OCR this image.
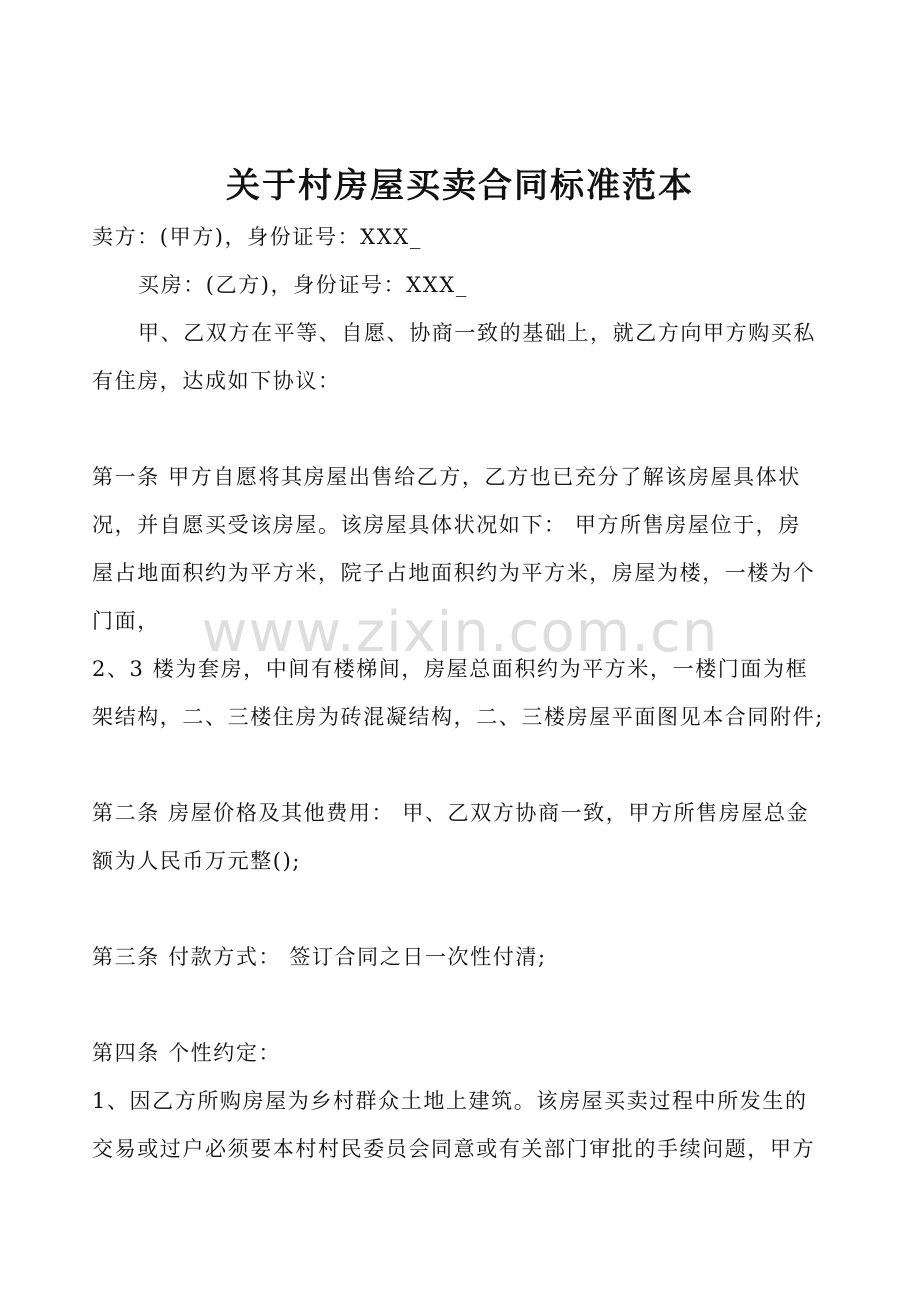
www.zixin.com.cn
关于村房屋买卖合同标准范本
卖方：(甲方)，身份证号：XXX_
买房：(乙方)，身份证号：XXX_
甲、乙双方在平等、自愿、协商一致的基础上，就乙方向甲方购买私
有住房，达成如下协议：
第一条 甲方自愿将其房屋出售给乙方，乙方也已充分了解该房屋具体状
况，并自愿买受该房屋。该房屋具体状况如下： 甲方所售房屋位于，房
屋占地面积约为平方米，院子占地面积约为平方米，房屋为楼，一楼为个
门面，
2、3 楼为套房，中间有楼梯间，房屋总面积约为平方米，一楼门面为框
架结构，二、三楼住房为砖混凝结构，二、三楼房屋平面图见本合同附件;
第二条 房屋价格及其他费用： 甲、乙双方协商一致，甲方所售房屋总金
额为人民币万元整();
第三条 付款方式： 签订合同之日一次性付清;
第四条 个性约定：
1、因乙方所购房屋为乡村群众土地上建筑。该房屋买卖过程中所发生的
交易或过户必须要本村村民委员会同意或有关部门审批的手续问题，甲方
